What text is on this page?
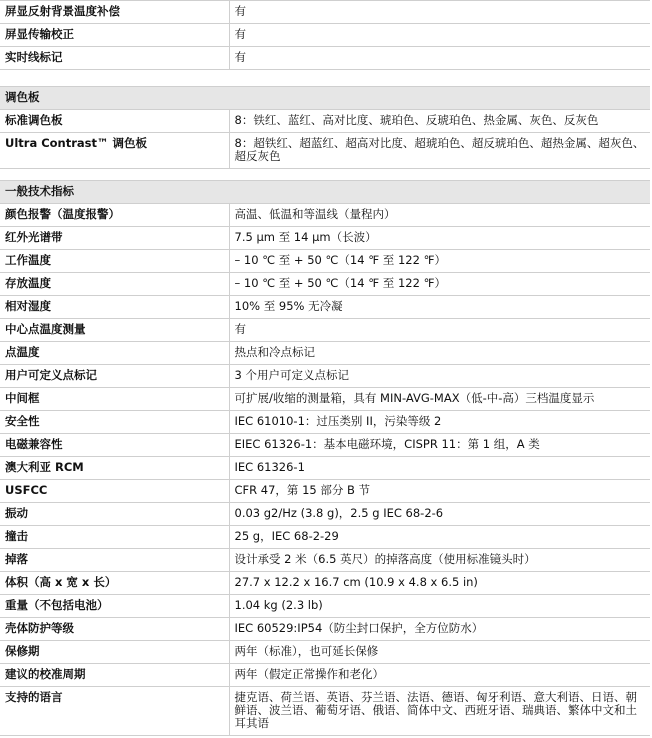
屏显反射背景温度补偿	有
屏显传输校正	有
实时线标记	有
调色板	
标准调色板	8：铁红、蓝红、高对比度、琥珀色、反琥珀色、热金属、灰色、反灰色
Ultra Contrast™ 调色板	8：超铁红、超蓝红、超高对比度、超琥珀色、超反琥珀色、超热金属、超灰色、超反灰色
一般技术指标	
颜色报警（温度报警）	高温、低温和等温线（量程内）
红外光谱带	7.5 μm 至 14 μm（长波）
工作温度	– 10 ℃ 至 + 50 ℃（14 ℉ 至 122 ℉）
存放温度	– 10 ℃ 至 + 50 ℃（14 ℉ 至 122 ℉）
相对湿度	10% 至 95% 无冷凝
中心点温度测量	有
点温度	热点和冷点标记
用户可定义点标记	3 个用户可定义点标记
中间框	可扩展/收缩的测量箱，具有 MIN-AVG-MAX（低-中-高）三档温度显示
安全性	IEC 61010-1：过压类别 II，污染等级 2
电磁兼容性	EIEC 61326-1：基本电磁环境，CISPR 11：第 1 组，A 类
澳大利亚 RCM	IEC 61326-1
USFCC	CFR 47，第 15 部分 B 节
振动	0.03 g2/Hz (3.8 g)，2.5 g IEC 68-2-6
撞击	25 g，IEC 68-2-29
掉落	设计承受 2 米（6.5 英尺）的掉落高度（使用标准镜头时）
体积（高 x 宽 x 长）	27.7 x 12.2 x 16.7 cm (10.9 x 4.8 x 6.5 in)
重量（不包括电池）	1.04 kg (2.3 lb)
壳体防护等级	IEC 60529:IP54（防尘封口保护，全方位防水）
保修期	两年（标准），也可延长保修
建议的校准周期	两年（假定正常操作和老化）
支持的语言	捷克语、荷兰语、英语、芬兰语、法语、德语、匈牙利语、意大利语、日语、朝鲜语、波兰语、葡萄牙语、俄语、简体中文、西班牙语、瑞典语、繁体中文和土耳其语
